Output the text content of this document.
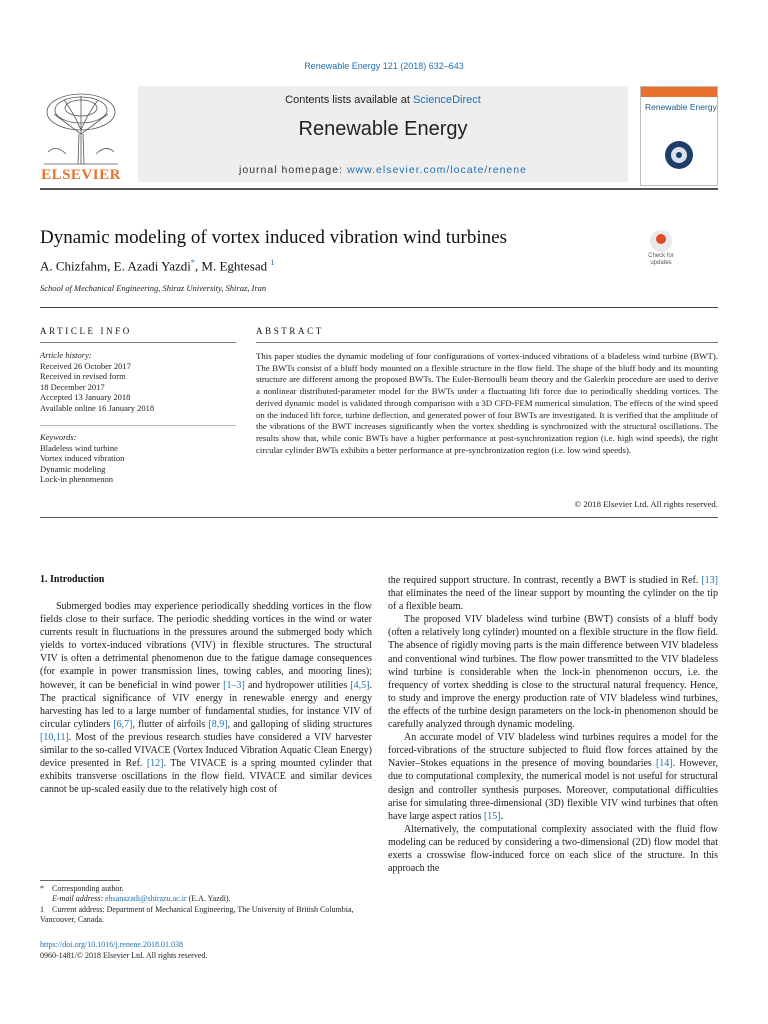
Renewable Energy 121 (2018) 632–643
ELSEVIER
Contents lists available at ScienceDirect
Renewable Energy
journal homepage: www.elsevier.com/locate/renene
Renewable Energy
Dynamic modeling of vortex induced vibration wind turbines
A. Chizfahm, E. Azadi Yazdi*, M. Eghtesad $^1$
School of Mechanical Engineering, Shiraz University, Shiraz, Iran
Check for updates
ARTICLE INFO
Article history:
Received 26 October 2017
Received in revised form
18 December 2017
Accepted 13 January 2018
Available online 16 January 2018
Keywords:
Bladeless wind turbine
Vortex induced vibration
Dynamic modeling
Lock-in phenomenon
ABSTRACT
This paper studies the dynamic modeling of four configurations of vortex-induced vibrations of a bladeless wind turbine (BWT). The BWTs consist of a bluff body mounted on a flexible structure in the flow field. The shape of the bluff body and its mounting structure are different among the proposed BWTs. The Euler-Bernoulli beam theory and the Galerkin procedure are used to derive a nonlinear distributed-parameter model for the BWTs under a fluctuating lift force due to periodically shedding vortices. The derived dynamic model is validated through comparison with a 3D CFD-FEM numerical simulation. The effects of the wind speed on the induced lift force, turbine deflection, and generated power of four BWTs are investigated. It is verified that the amplitude of the vibrations of the BWT increases significantly when the vortex shedding is synchronized with the structural oscillations. The results show that, while conic BWTs have a higher performance at post-synchronization region (i.e. high wind speeds), the right circular cylinder BWTs exhibits a better performance at pre-synchronization region (i.e. low wind speeds).
© 2018 Elsevier Ltd. All rights reserved.
1. Introduction

Submerged bodies may experience periodically shedding vortices in the flow fields close to their surface. The periodic shedding vortices in the wind or water currents result in fluctuations in the pressures around the submerged body which yields to vortex-induced vibrations (VIV) in flexible structures. The structural VIV is often a detrimental phenomenon due to the fatigue damage consequences (for example in power transmission lines, towing cables, and mooring lines); however, it can be beneficial in wind power [1–3] and hydropower utilities [4,5]. The practical significance of VIV energy in renewable energy and energy harvesting has led to a large number of fundamental studies, for instance VIV of circular cylinders [6,7], flutter of airfoils [8,9], and galloping of sliding structures [10,11]. Most of the previous research studies have considered a VIV harvester similar to the so-called VIVACE (Vortex Induced Vibration Aquatic Clean Energy) device presented in Ref. [12]. The VIVACE is a spring mounted cylinder that exhibits transverse oscillations in the flow field. VIVACE and similar devices cannot be up-scaled easily due to the relatively high cost of

the required support structure. In contrast, recently a BWT is studied in Ref. [13] that eliminates the need of the linear support by mounting the cylinder on the tip of a flexible beam.

The proposed VIV bladeless wind turbine (BWT) consists of a bluff body (often a relatively long cylinder) mounted on a flexible structure in the flow field. The absence of rigidly moving parts is the main difference between VIV bladeless and conventional wind turbines. The flow power transmitted to the VIV bladeless wind turbine is considerable when the lock-in phenomenon occurs, i.e. the frequency of vortex shedding is close to the structural natural frequency. Hence, to study and improve the energy production rate of VIV bladeless wind turbines, the effects of the turbine design parameters on the lock-in phenomenon should be carefully analyzed through dynamic modeling.

An accurate model of VIV bladeless wind turbines requires a model for the forced-vibrations of the structure subjected to fluid flow forces attained by the Navier–Stokes equations in the presence of moving boundaries [14]. However, due to computational complexity, the numerical model is not useful for structural design and controller synthesis purposes. Moreover, computational difficulties arise for simulating three-dimensional (3D) flexible VIV wind turbines that often have large aspect ratios [15].

Alternatively, the computational complexity associated with the fluid flow modeling can be reduced by considering a two-dimensional (2D) flow model that exerts a crosswise flow-induced force on each slice of the structure. In this approach the

* Corresponding author.
E-mail address: ehsanazadi@shirazu.ac.ir (E.A. Yazdi).
1 Current address: Department of Mechanical Engineering, The University of British Columbia, Vancouver, Canada.
https://doi.org/10.1016/j.renene.2018.01.038
0960-1481/© 2018 Elsevier Ltd. All rights reserved.
